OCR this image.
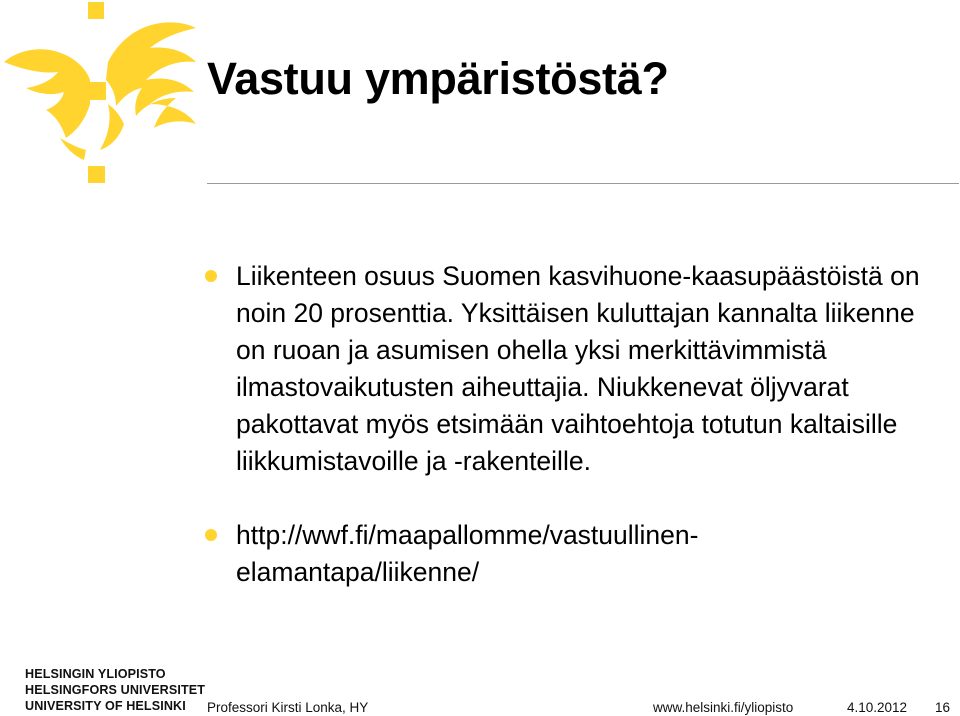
Vastuu ympäristöstä?
Liikenteen osuus Suomen kasvihuone-kaasupäästöistä on noin 20 prosenttia. Yksittäisen kuluttajan kannalta liikenne on ruoan ja asumisen ohella yksi merkittävimmistä ilmastovaikutusten aiheuttajia. Niukkenevat öljyvarat pakottavat myös etsimään vaihtoehtoja totutun kaltaisille liikkumistavoille ja -rakenteille.
http://wwf.fi/maapallomme/vastuullinen-elamantapa/liikenne/
HELSINGIN YLIOPISTO
HELSINGFORS UNIVERSITET
UNIVERSITY OF HELSINKI	Professori Kirsti Lonka, HY	www.helsinki.fi/yliopisto	4.10.2012 16
